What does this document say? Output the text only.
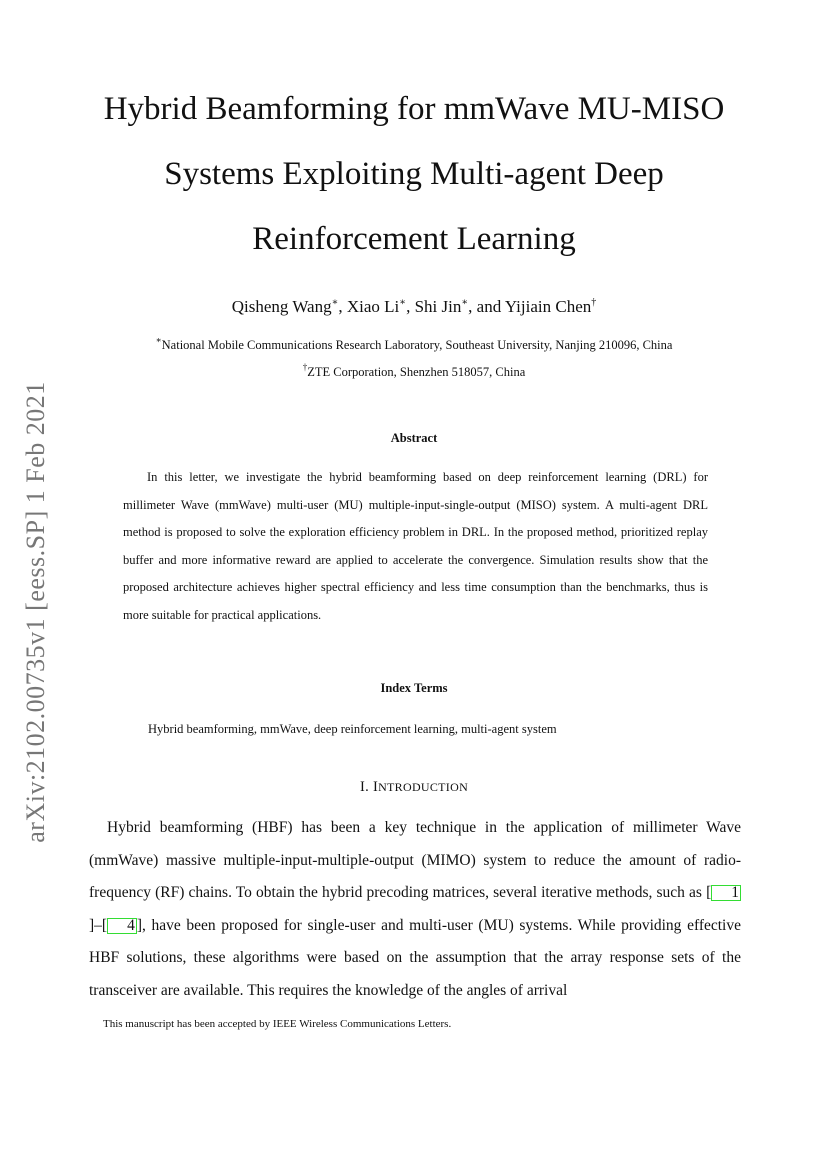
arXiv:2102.00735v1 [eess.SP] 1 Feb 2021
Hybrid Beamforming for mmWave MU-MISO
Systems Exploiting Multi-agent Deep
Reinforcement Learning
Qisheng Wang∗, Xiao Li∗, Shi Jin∗, and Yijiain Chen†
∗National Mobile Communications Research Laboratory, Southeast University, Nanjing 210096, China
†ZTE Corporation, Shenzhen 518057, China
Abstract

In this letter, we investigate the hybrid beamforming based on deep reinforcement learning (DRL) for millimeter Wave (mmWave) multi-user (MU) multiple-input-single-output (MISO) system. A multi-agent DRL method is proposed to solve the exploration efficiency problem in DRL. In the proposed method, prioritized replay buffer and more informative reward are applied to accelerate the convergence. Simulation results show that the proposed architecture achieves higher spectral efficiency and less time consumption than the benchmarks, thus is more suitable for practical applications.

Index Terms
Hybrid beamforming, mmWave, deep reinforcement learning, multi-agent system
I. INTRODUCTION

Hybrid beamforming (HBF) has been a key technique in the application of millimeter Wave (mmWave) massive multiple-input-multiple-output (MIMO) system to reduce the amount of radio-frequency (RF) chains. To obtain the hybrid precoding matrices, several iterative methods, such as [ 1]–[ 4 ], have been proposed for single-user and multi-user (MU) systems. While providing effective HBF solutions, these algorithms were based on the assumption that the array response sets of the transceiver are available. This requires the knowledge of the angles of arrival

This manuscript has been accepted by IEEE Wireless Communications Letters.
